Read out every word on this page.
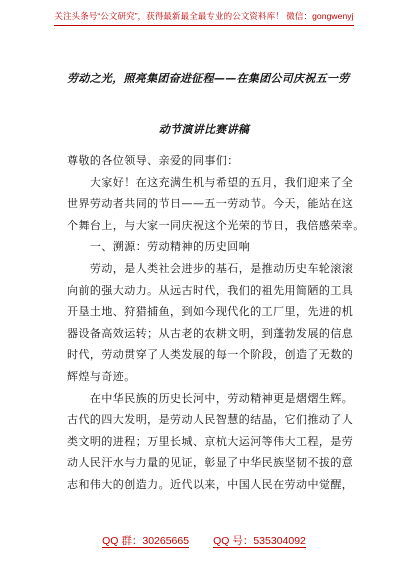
关注头条号“公文研究”，获得最新最全最专业的公文资料库！ 微信：gongwenyj
劳动之光，照亮集团奋进征程——在集团公司庆祝五一劳
动节演讲比赛讲稿
尊敬的各位领导、亲爱的同事们：
　　大家好！在这充满生机与希望的五月，我们迎来了全
世界劳动者共同的节日——五一劳动节。今天，能站在这
个舞台上，与大家一同庆祝这个光荣的节日，我倍感荣幸。
　　一、溯源：劳动精神的历史回响
　　劳动，是人类社会进步的基石，是推动历史车轮滚滚
向前的强大动力。从远古时代，我们的祖先用简陋的工具
开垦土地、狩猎捕鱼，到如今现代化的工厂里，先进的机
器设备高效运转；从古老的农耕文明，到蓬勃发展的信息
时代，劳动贯穿了人类发展的每一个阶段，创造了无数的
辉煌与奇迹。
　　在中华民族的历史长河中，劳动精神更是熠熠生辉。
古代的四大发明，是劳动人民智慧的结晶，它们推动了人
类文明的进程；万里长城、京杭大运河等伟大工程，是劳
动人民汗水与力量的见证，彰显了中华民族坚韧不拔的意
志和伟大的创造力。近代以来，中国人民在劳动中觉醒，
QQ 群：30265665 QQ 号：535304092
